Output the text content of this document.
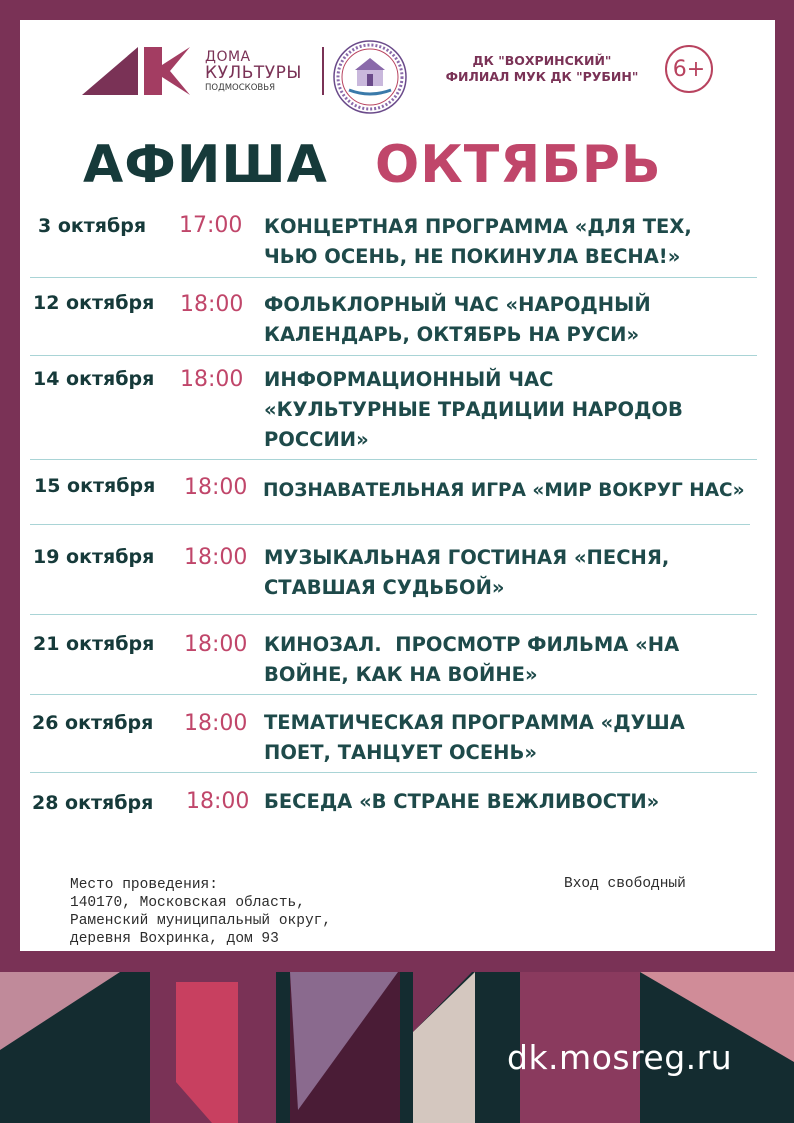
ДОМА
КУЛЬТУРЫ
ПОДМОСКОВЬЯ
ДК "ВОХРИНСКИЙ"
ФИЛИАЛ МУК ДК "РУБИН"	6+
АФИША ОКТЯБРЬ
3 октября 17:00 КОНЦЕРТНАЯ ПРОГРАММА «ДЛЯ ТЕХ, ЧЬЮ ОСЕНЬ, НЕ ПОКИНУЛА ВЕСНА!»
12 октября 18:00 ФОЛЬКЛОРНЫЙ ЧАС «НАРОДНЫЙ КАЛЕНДАРЬ, ОКТЯБРЬ НА РУСИ»
14 октября 18:00 ИНФОРМАЦИОННЫЙ ЧАС «КУЛЬТУРНЫЕ ТРАДИЦИИ НАРОДОВ РОССИИ»
15 октября 18:00 ПОЗНАВАТЕЛЬНАЯ ИГРА «МИР ВОКРУГ НАС»
19 октября 18:00 МУЗЫКАЛЬНАЯ ГОСТИНАЯ «ПЕСНЯ, СТАВШАЯ СУДЬБОЙ»
21 октября 18:00 КИНОЗАЛ.  ПРОСМОТР ФИЛЬМА «НА ВОЙНЕ, КАК НА ВОЙНЕ»
26 октября 18:00 ТЕМАТИЧЕСКАЯ ПРОГРАММА «ДУША ПОЕТ, ТАНЦУЕТ ОСЕНЬ»
28 октября 18:00 БЕСЕДА «В СТРАНЕ ВЕЖЛИВОСТИ»
Место проведения:
140170, Московская область,
Раменский муниципальный округ,
деревня Вохринка, дом 93
Вход свободный
dk.mosreg.ru
